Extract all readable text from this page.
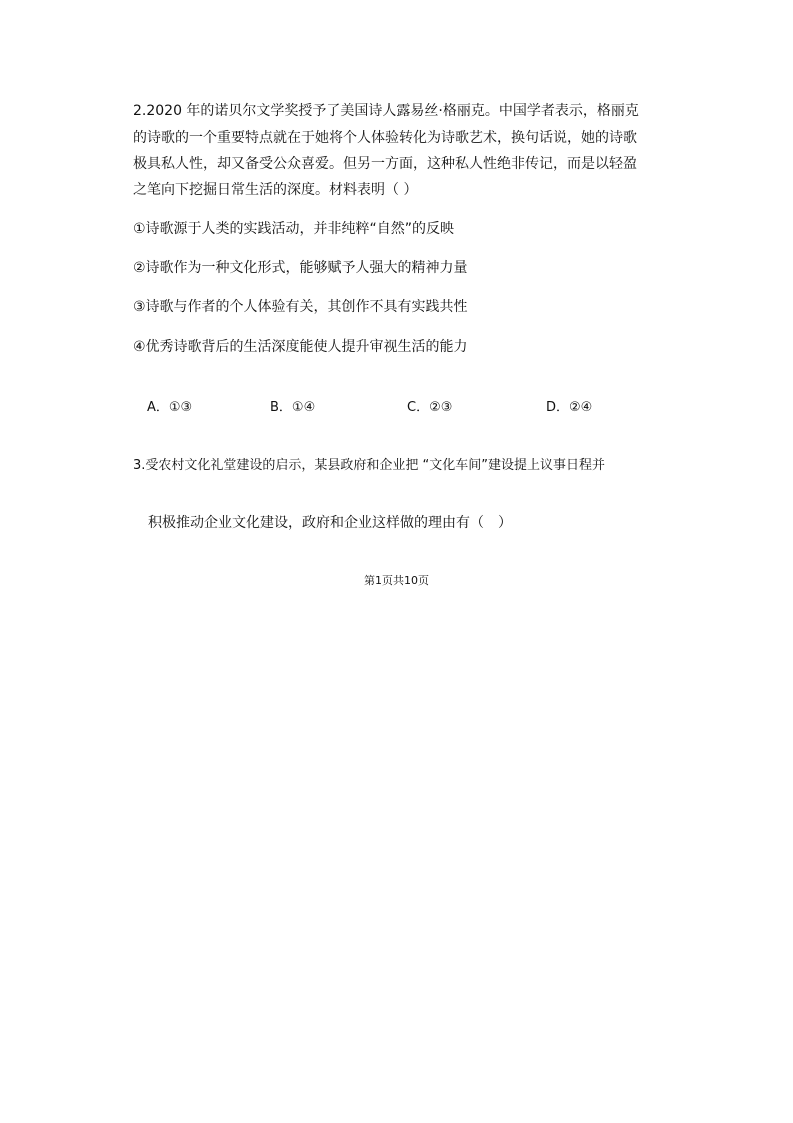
2.2020 年的诺贝尔文学奖授予了美国诗人露易丝·格丽克。中国学者表示，格丽克
的诗歌的一个重要特点就在于她将个人体验转化为诗歌艺术，换句话说，她的诗歌
极具私人性，却又备受公众喜爱。但另一方面，这种私人性绝非传记，而是以轻盈
之笔向下挖掘日常生活的深度。材料表明（ ）
①诗歌源于人类的实践活动，并非纯粹“自然”的反映
②诗歌作为一种文化形式，能够赋予人强大的精神力量
③诗歌与作者的个人体验有关，其创作不具有实践共性
④优秀诗歌背后的生活深度能使人提升审视生活的能力
A．①③	B．①④	C．②③	D．②④
3.受农村文化礼堂建设的启示，某县政府和企业把 “文化车间”建设提上议事日程并
积极推动企业文化建设，政府和企业这样做的理由有（　）
第1页共10页
